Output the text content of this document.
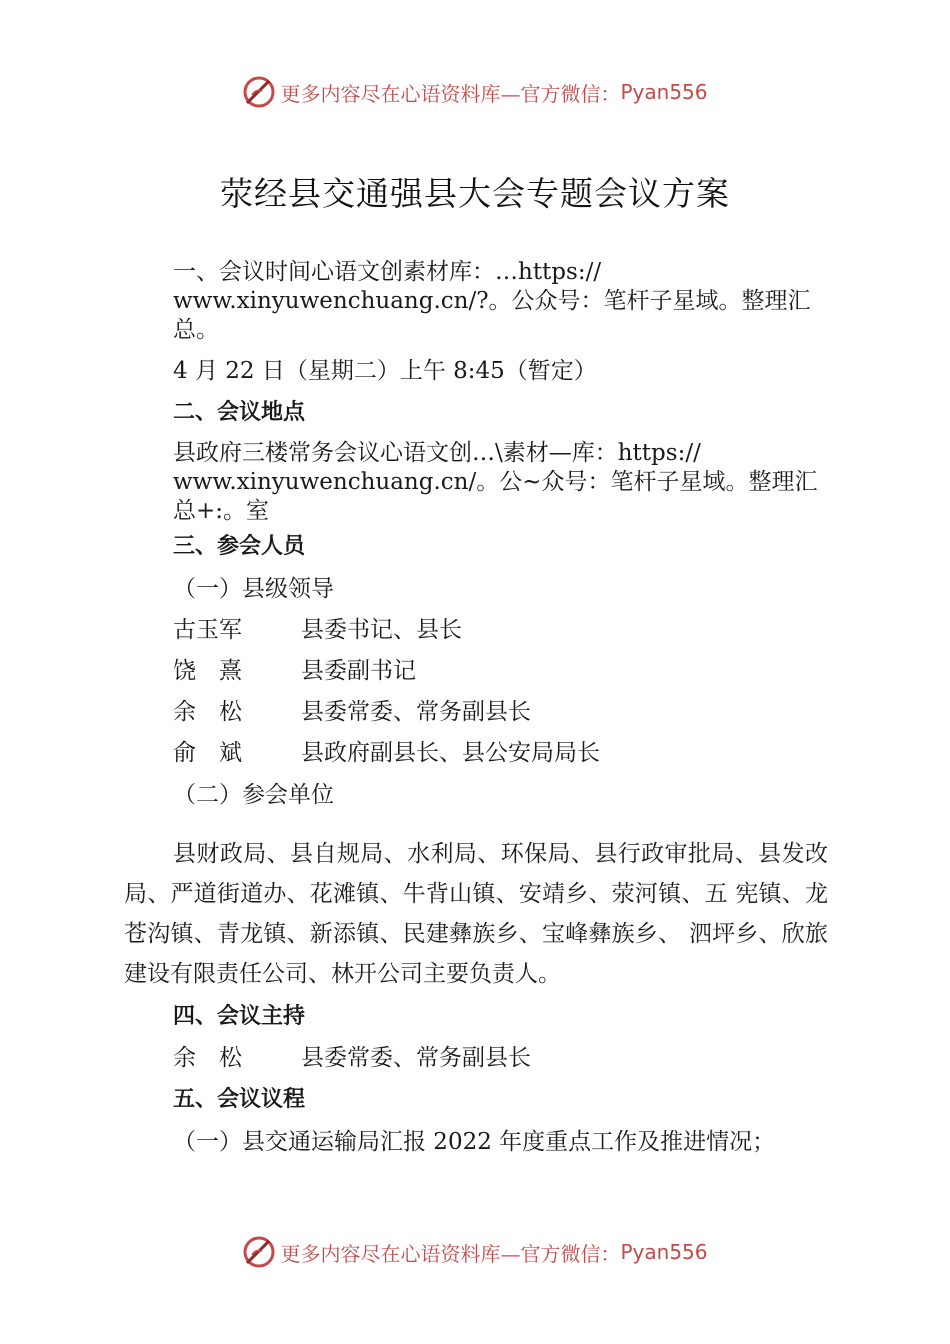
更多内容尽在心语资料库—官方微信： Pyan556
荥经县交通强县大会专题会议方案

一、会议时间心语文创素材库：…https:// www.xinyuwenchuang.cn/?。公众号：笔杆子星域。整理汇总。

4 月 22 日（星期二）上午 8:45（暂定）

二、会议地点

县政府三楼常务会议心语文创…\素材—库：https:// www.xinyuwenchuang.cn/。公~众号：笔杆子星域。整理汇总+:。室

三、参会人员

（一）县级领导

古玉军	县委书记、县长
饶　熹	县委副书记
余　松	县委常委、常务副县长
俞　斌	县政府副县长、县公安局局长

（二）参会单位

县财政局、县自规局、水利局、环保局、县行政审批局、县发改局、严道街道办、花滩镇、牛背山镇、安靖乡、荥河镇、五 宪镇、龙苍沟镇、青龙镇、新添镇、民建彝族乡、宝峰彝族乡、 泗坪乡、欣旅建设有限责任公司、林开公司主要负责人。

四、会议主持

余　松	县委常委、常务副县长

五、会议议程

（一）县交通运输局汇报 2022 年度重点工作及推进情况；

更多内容尽在心语资料库—官方微信： Pyan556
